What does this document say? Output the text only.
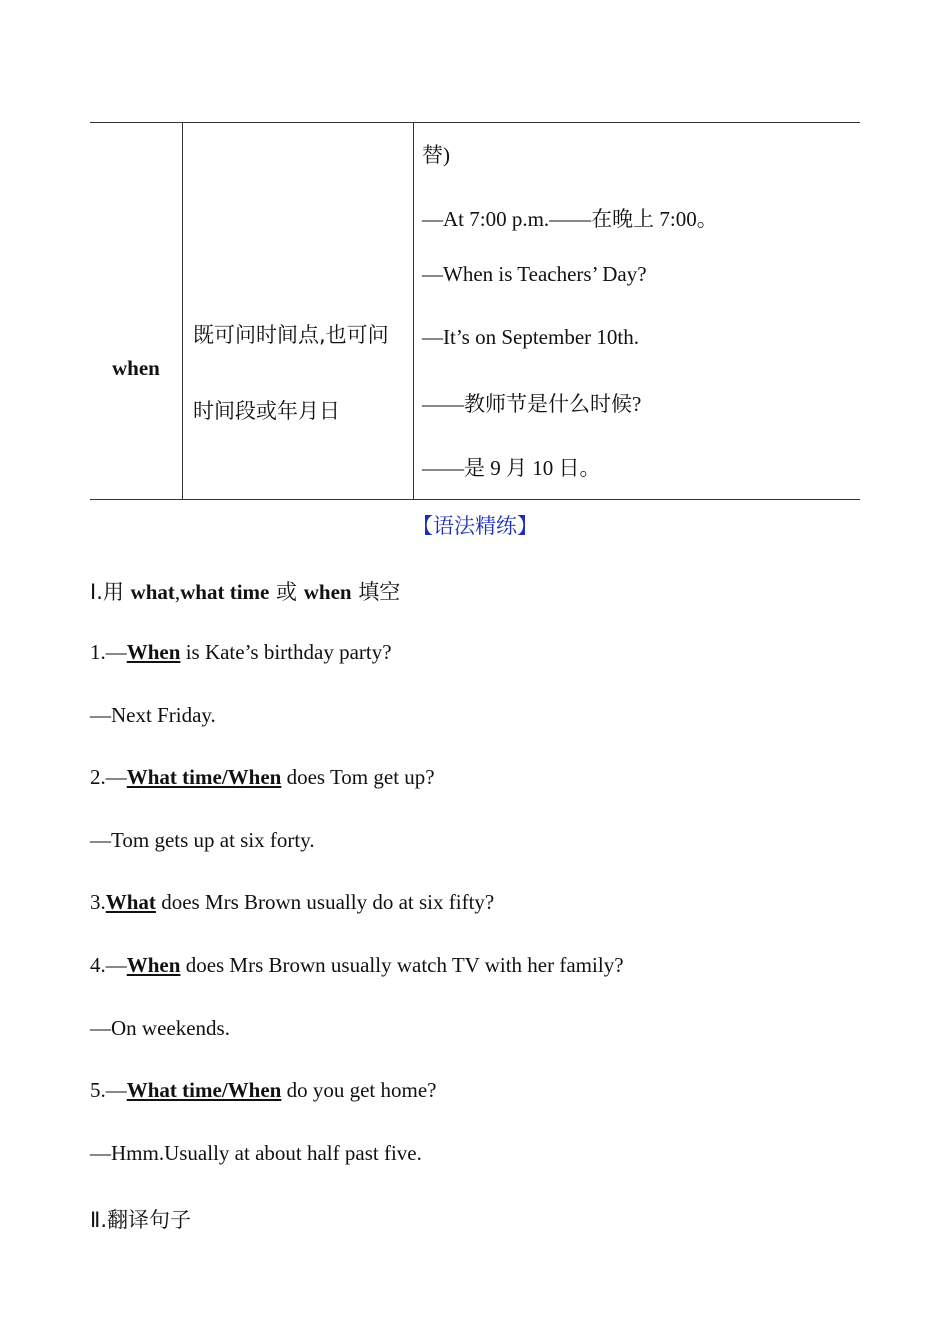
when
既可问时间点,也可问
时间段或年月日
替)
—At 7:00 p.m.——在晚上 7:00。
—When is Teachers’ Day?
—It’s on September 10th.
——教师节是什么时候?
——是 9 月 10 日。
【语法精练】
Ⅰ.用 what,what time 或 when 填空
1.—When is Kate’s birthday party?
—Next Friday.
2.—What time/When does Tom get up?
—Tom gets up at six forty.
3.What does Mrs Brown usually do at six fifty?
4.—When does Mrs Brown usually watch TV with her family?
—On weekends.
5.—What time/When do you get home?
—Hmm.Usually at about half past five.
Ⅱ.翻译句子
